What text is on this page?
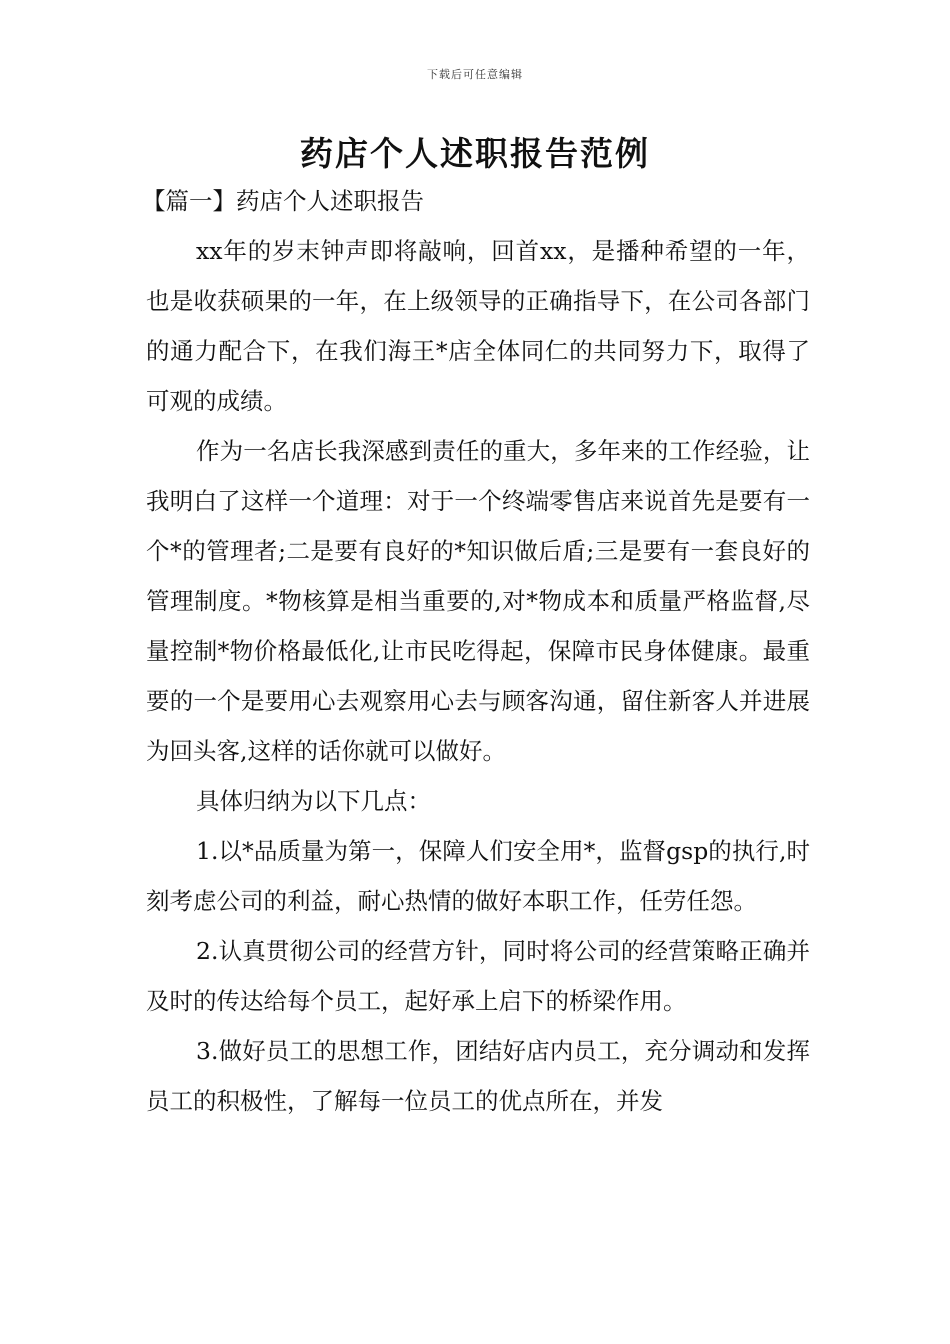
下载后可任意编辑
药店个人述职报告范例

【篇一】药店个人述职报告

xx年的岁末钟声即将敲响，回首xx，是播种希望的一年，也是收获硕果的一年，在上级领导的正确指导下，在公司各部门的通力配合下，在我们海王*店全体同仁的共同努力下，取得了可观的成绩。

作为一名店长我深感到责任的重大，多年来的工作经验，让我明白了这样一个道理：对于一个终端零售店来说首先是要有一个*的管理者;二是要有良好的*知识做后盾;三是要有一套良好的管理制度。*物核算是相当重要的,对*物成本和质量严格监督,尽量控制*物价格最低化,让市民吃得起，保障市民身体健康。最重要的一个是要用心去观察用心去与顾客沟通，留住新客人并进展为回头客,这样的话你就可以做好。

具体归纳为以下几点：

1.以*品质量为第一，保障人们安全用*，监督gsp的执行,时刻考虑公司的利益，耐心热情的做好本职工作，任劳任怨。

2.认真贯彻公司的经营方针，同时将公司的经营策略正确并及时的传达给每个员工，起好承上启下的桥梁作用。

3.做好员工的思想工作，团结好店内员工，充分调动和发挥员工的积极性，了解每一位员工的优点所在，并发
